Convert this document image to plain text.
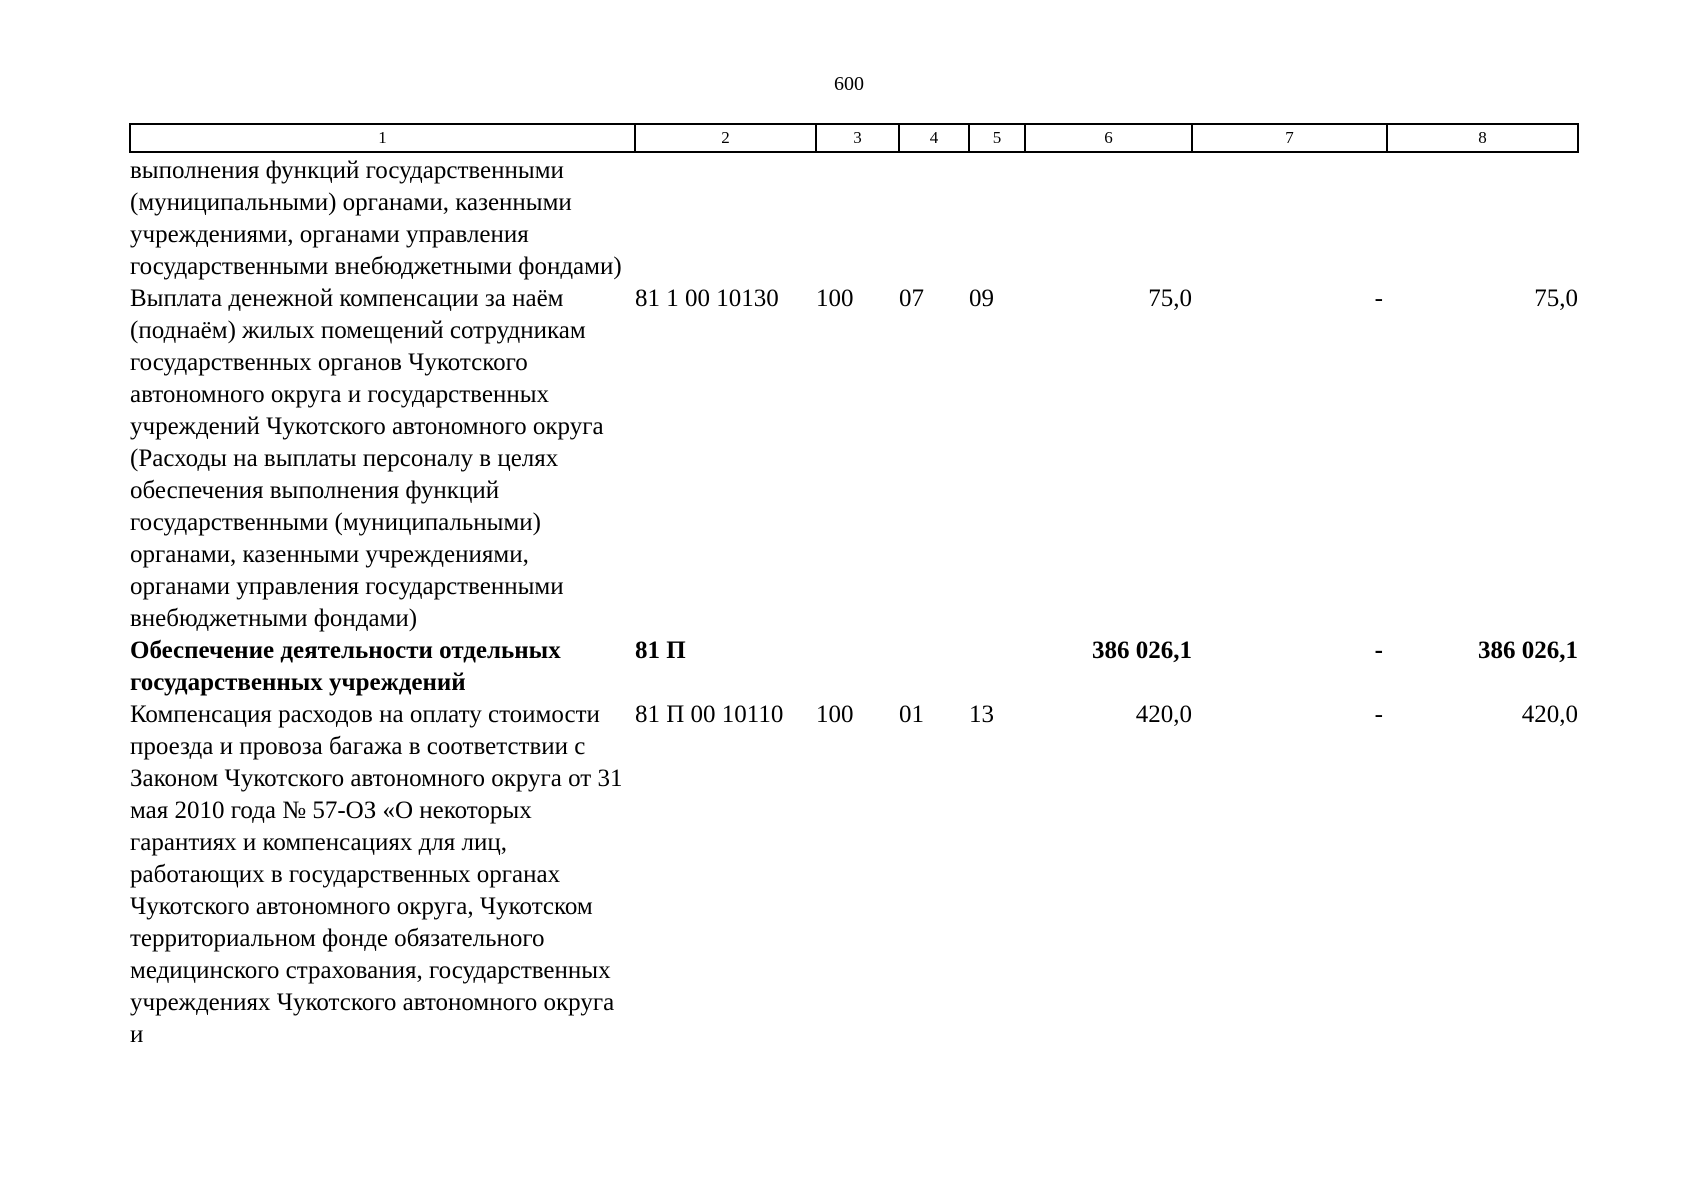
600
1	2	3	4	5	6	7	8
выполнения функций государственными (муниципальными) органами, казенными учреждениями, органами управления государственными внебюджетными фондами)							
Выплата денежной компенсации за наём (поднаём) жилых помещений сотрудникам государственных органов Чукотского автономного округа и государственных учреждений Чукотского автономного округа (Расходы на выплаты персоналу в целях обеспечения выполнения функций государственными (муниципальными) органами, казенными учреждениями, органами управления государственными внебюджетными фондами)	81 1 00 10130	100	07	09	75,0	-	75,0
Обеспечение деятельности отдельных государственных учреждений	81 П				386 026,1	-	386 026,1
Компенсация расходов на оплату стоимости проезда и провоза багажа в соответствии с Законом Чукотского автономного округа от 31 мая 2010 года № 57-ОЗ «О некоторых гарантиях и компенсациях для лиц, работающих в государственных органах Чукотского автономного округа, Чукотском территориальном фонде обязательного медицинского страхования, государственных учреждениях Чукотского автономного округа и	81 П 00 10110	100	01	13	420,0	-	420,0
